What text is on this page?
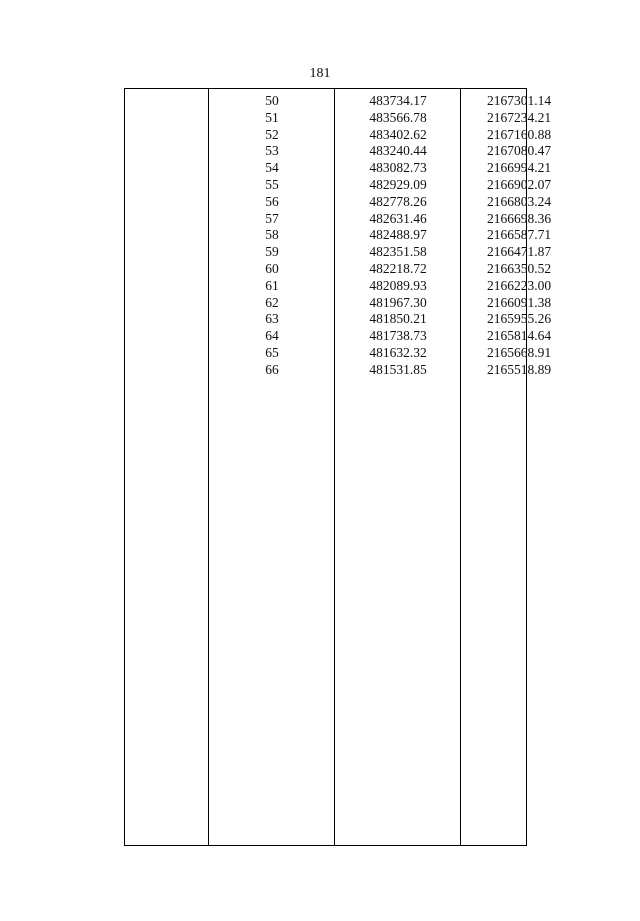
181
50	483734.17	2167301.14
51	483566.78	2167234.21
52	483402.62	2167160.88
53	483240.44	2167080.47
54	483082.73	2166994.21
55	482929.09	2166902.07
56	482778.26	2166803.24
57	482631.46	2166698.36
58	482488.97	2166587.71
59	482351.58	2166471.87
60	482218.72	2166350.52
61	482089.93	2166223.00
62	481967.30	2166091.38
63	481850.21	2165955.26
64	481738.73	2165814.64
65	481632.32	2165668.91
66	481531.85	2165518.89
